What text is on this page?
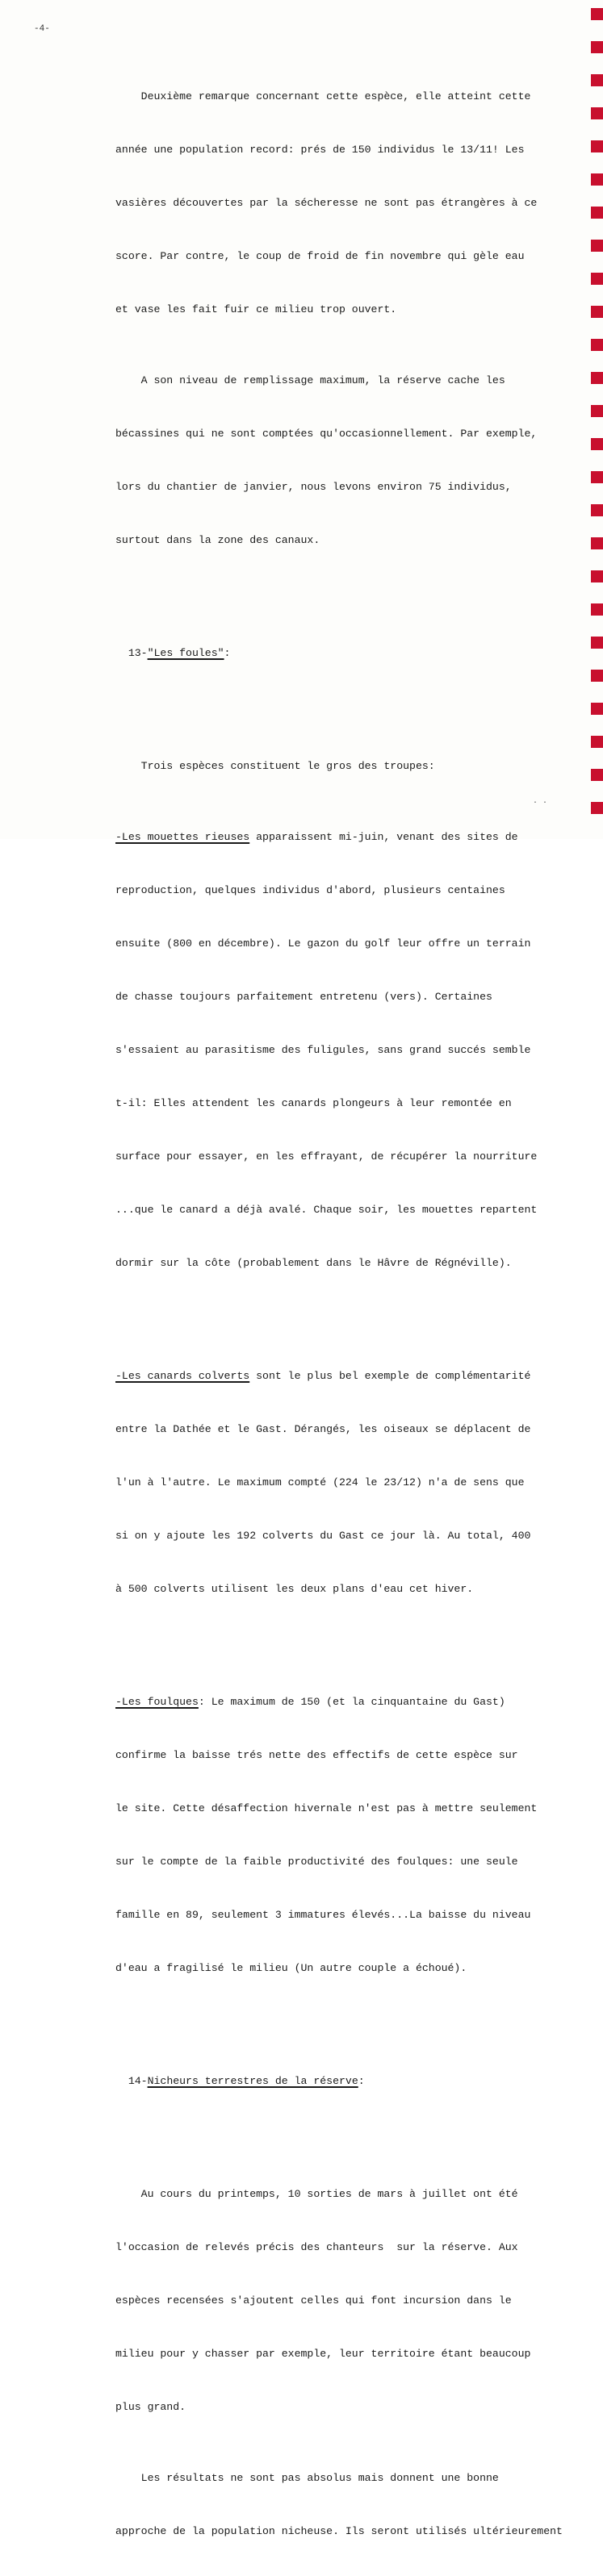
-4-

Deuxième remarque concernant cette espèce, elle atteint cette

année une population record: prés de 150 individus le 13/11! Les

vasières découvertes par la sécheresse ne sont pas étrangères à ce

score. Par contre, le coup de froid de fin novembre qui gèle eau

et vase les fait fuir ce milieu trop ouvert.

A son niveau de remplissage maximum, la réserve cache les

bécassines qui ne sont comptées qu'occasionnellement. Par exemple,

lors du chantier de janvier, nous levons environ 75 individus,

surtout dans la zone des canaux.

13-"Les foules":

Trois espèces constituent le gros des troupes:

-Les mouettes rieuses apparaissent mi-juin, venant des sites de

reproduction, quelques individus d'abord, plusieurs centaines

ensuite (800 en décembre). Le gazon du golf leur offre un terrain

de chasse toujours parfaitement entretenu (vers). Certaines

s'essaient au parasitisme des fuligules, sans grand succés semble

t-il: Elles attendent les canards plongeurs à leur remontée en

surface pour essayer, en les effrayant, de récupérer la nourriture

...que le canard a déjà avalé. Chaque soir, les mouettes repartent

dormir sur la côte (probablement dans le Hâvre de Régnéville).

-Les canards colverts sont le plus bel exemple de complémentarité

entre la Dathée et le Gast. Dérangés, les oiseaux se déplacent de

l'un à l'autre. Le maximum compté (224 le 23/12) n'a de sens que

si on y ajoute les 192 colverts du Gast ce jour là. Au total, 400

à 500 colverts utilisent les deux plans d'eau cet hiver.

-Les foulques: Le maximum de 150 (et la cinquantaine du Gast)

confirme la baisse trés nette des effectifs de cette espèce sur

le site. Cette désaffection hivernale n'est pas à mettre seulement

sur le compte de la faible productivité des foulques: une seule

famille en 89, seulement 3 immatures élevés...La baisse du niveau

d'eau a fragilisé le milieu (Un autre couple a échoué).

14-Nicheurs terrestres de la réserve:

Au cours du printemps, 10 sorties de mars à juillet ont été

l'occasion de relevés précis des chanteurs  sur la réserve. Aux

espèces recensées s'ajoutent celles qui font incursion dans le

milieu pour y chasser par exemple, leur territoire étant beaucoup

plus grand.

Les résultats ne sont pas absolus mais donnent une bonne

approche de la population nicheuse. Ils seront utilisés ultérieurement

· ·
